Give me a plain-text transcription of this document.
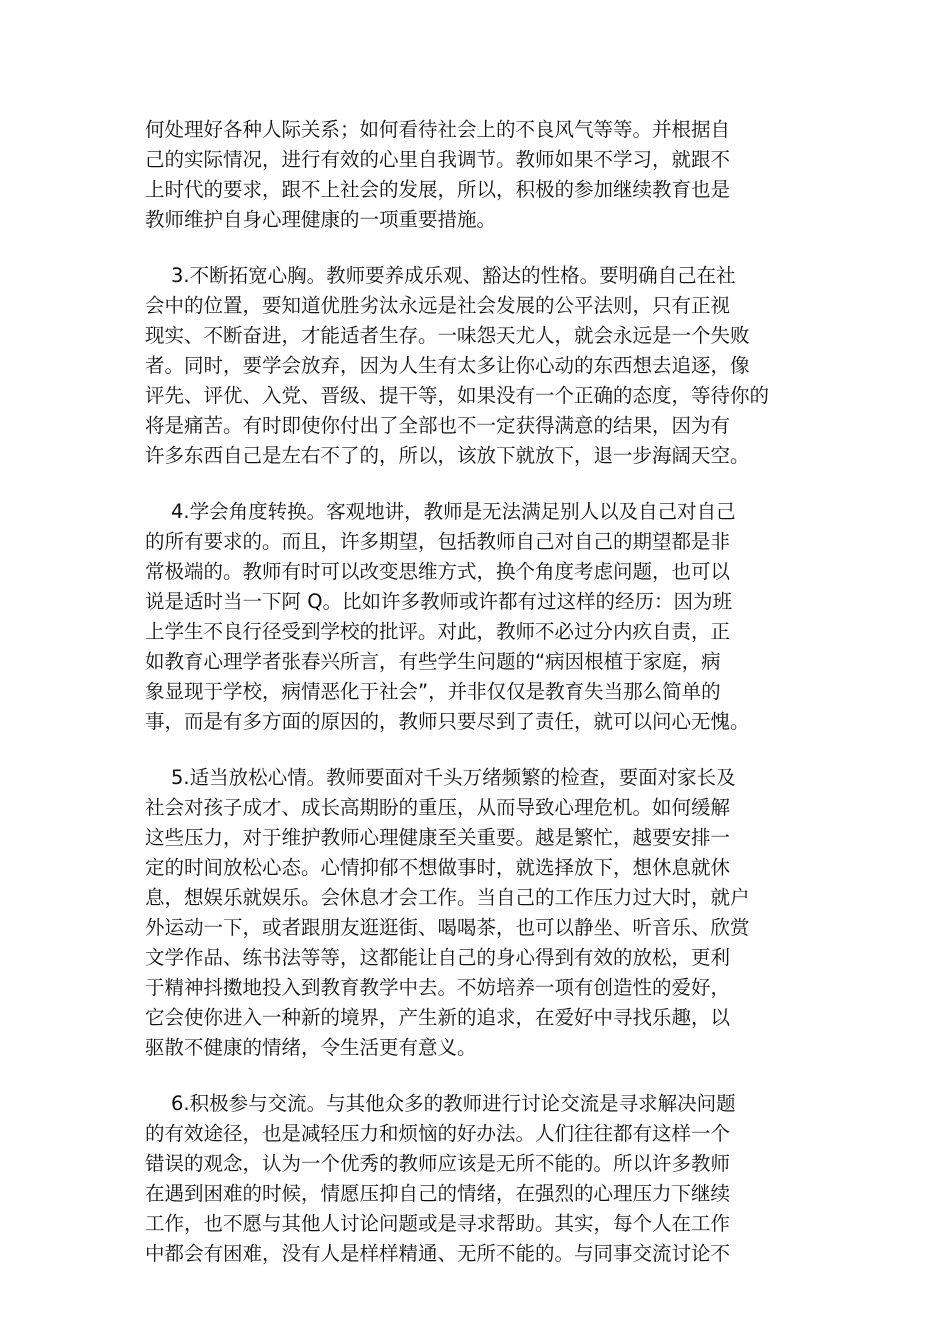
何处理好各种人际关系；如何看待社会上的不良风气等等。并根据自
己的实际情况，进行有效的心里自我调节。教师如果不学习，就跟不
上时代的要求，跟不上社会的发展，所以，积极的参加继续教育也是
教师维护自身心理健康的一项重要措施。

3.不断拓宽心胸。教师要养成乐观、豁达的性格。要明确自己在社
会中的位置，要知道优胜劣汰永远是社会发展的公平法则，只有正视
现实、不断奋进，才能适者生存。一味怨天尤人，就会永远是一个失败
者。同时，要学会放弃，因为人生有太多让你心动的东西想去追逐，像
评先、评优、入党、晋级、提干等，如果没有一个正确的态度，等待你的
将是痛苦。有时即使你付出了全部也不一定获得满意的结果，因为有
许多东西自己是左右不了的，所以，该放下就放下，退一步海阔天空。

4.学会角度转换。客观地讲，教师是无法满足别人以及自己对自己
的所有要求的。而且，许多期望，包括教师自己对自己的期望都是非
常极端的。教师有时可以改变思维方式，换个角度考虑问题，也可以
说是适时当一下阿 Q。比如许多教师或许都有过这样的经历：因为班
上学生不良行径受到学校的批评。对此，教师不必过分内疚自责，正
如教育心理学者张春兴所言，有些学生问题的“病因根植于家庭，病
象显现于学校，病情恶化于社会”，并非仅仅是教育失当那么简单的
事，而是有多方面的原因的，教师只要尽到了责任，就可以问心无愧。

5.适当放松心情。教师要面对千头万绪频繁的检查，要面对家长及
社会对孩子成才、成长高期盼的重压，从而导致心理危机。如何缓解
这些压力，对于维护教师心理健康至关重要。越是繁忙，越要安排一
定的时间放松心态。心情抑郁不想做事时，就选择放下，想休息就休
息，想娱乐就娱乐。会休息才会工作。当自己的工作压力过大时，就户
外运动一下，或者跟朋友逛逛街、喝喝茶，也可以静坐、听音乐、欣赏
文学作品、练书法等等，这都能让自己的身心得到有效的放松，更利
于精神抖擞地投入到教育教学中去。不妨培养一项有创造性的爱好，
它会使你进入一种新的境界，产生新的追求，在爱好中寻找乐趣，以
驱散不健康的情绪，令生活更有意义。

6.积极参与交流。与其他众多的教师进行讨论交流是寻求解决问题
的有效途径，也是减轻压力和烦恼的好办法。人们往往都有这样一个
错误的观念，认为一个优秀的教师应该是无所不能的。所以许多教师
在遇到困难的时候，情愿压抑自己的情绪，在强烈的心理压力下继续
工作，也不愿与其他人讨论问题或是寻求帮助。其实，每个人在工作
中都会有困难，没有人是样样精通、无所不能的。与同事交流讨论不
